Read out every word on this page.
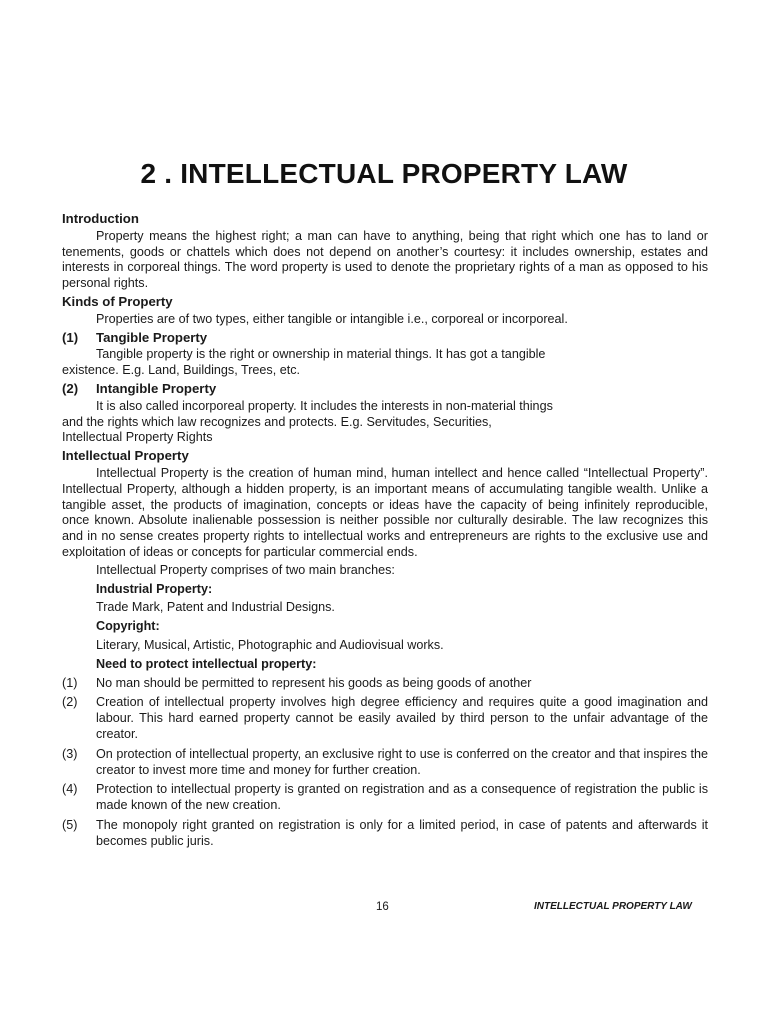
2 . INTELLECTUAL PROPERTY LAW
Introduction
Property means the highest right; a man can have to anything, being that right which one has to land or tenements, goods or chattels which does not depend on another’s courtesy: it includes ownership, estates and interests in corporeal things. The word property is used to denote the proprietary rights of a man as opposed to his personal rights.
Kinds of Property
Properties are of two types, either tangible or intangible i.e., corporeal or incorporeal.
(1)	Tangible Property
Tangible property is the right or ownership in material things. It has got a tangible
existence. E.g. Land, Buildings, Trees, etc.
(2)	Intangible Property
It is also called incorporeal property. It includes the interests in non-material things
and the rights which law recognizes and protects. E.g. Servitudes, Securities,
Intellectual Property Rights
Intellectual Property
Intellectual Property is the creation of human mind, human intellect and hence called “Intellectual Property”. Intellectual Property, although a hidden property, is an important means of accumulating tangible wealth. Unlike a tangible asset, the products of imagination, concepts or ideas have the capacity of being infinitely reproducible, once known. Absolute inalienable possession is neither possible nor culturally desirable. The law recognizes this and in no sense creates property rights to intellectual works and entrepreneurs are rights to the exclusive use and exploitation of ideas or concepts for particular commercial ends.
Intellectual Property comprises of two main branches:
Industrial Property:
Trade Mark, Patent and Industrial Designs.
Copyright:
Literary, Musical, Artistic, Photographic and Audiovisual works.
Need to protect intellectual property:
(1)	No man should be permitted to represent his goods as being goods of another
(2)	Creation of intellectual property involves high degree efficiency and requires quite a good imagination and labour. This hard earned property cannot be easily availed by third person to the unfair advantage of the creator.
(3)	On protection of intellectual property, an exclusive right to use is conferred on the creator and that inspires the creator to invest more time and money for further creation.
(4)	Protection to intellectual property is granted on registration and as a consequence of registration the public is made known of the new creation.
(5)	The monopoly right granted on registration is only for a limited period, in case of patents and afterwards it becomes public juris.
16	INTELLECTUAL PROPERTY LAW
